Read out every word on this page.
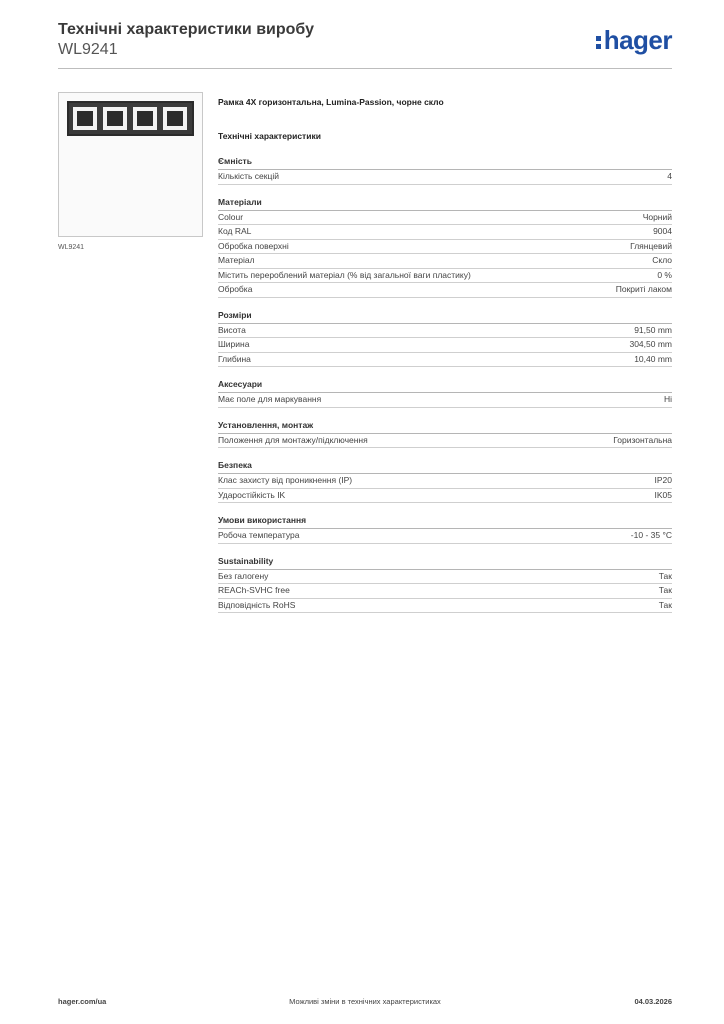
Технічні характеристики виробу
WL9241	hager
WL9241
Рамка 4Х горизонтальна, Lumina-Passion, чорне скло
Технічні характеристики
Ємність
Кількість секцій	4
Матеріали
Colour	Чорний
Код RAL	9004
Обробка поверхні	Глянцевий
Матеріал	Скло
Містить перероблений матеріал (% від загальної ваги пластику)	0 %
Обробка	Покриті лаком
Розміри
Висота	91,50 mm
Ширина	304,50 mm
Глибина	10,40 mm
Аксесуари
Має поле для маркування	Ні
Установлення, монтаж
Положення для монтажу/підключення	Горизонтальна
Безпека
Клас захисту від проникнення (IP)	IP20
Ударостійкість IK	IK05
Умови використання
Робоча температура	-10 - 35 °C
Sustainability
Без галогену	Так
REACh-SVHC free	Так
Відповідність RoHS	Так
hager.com/ua	Можливі зміни в технічних характеристиках	04.03.2026
